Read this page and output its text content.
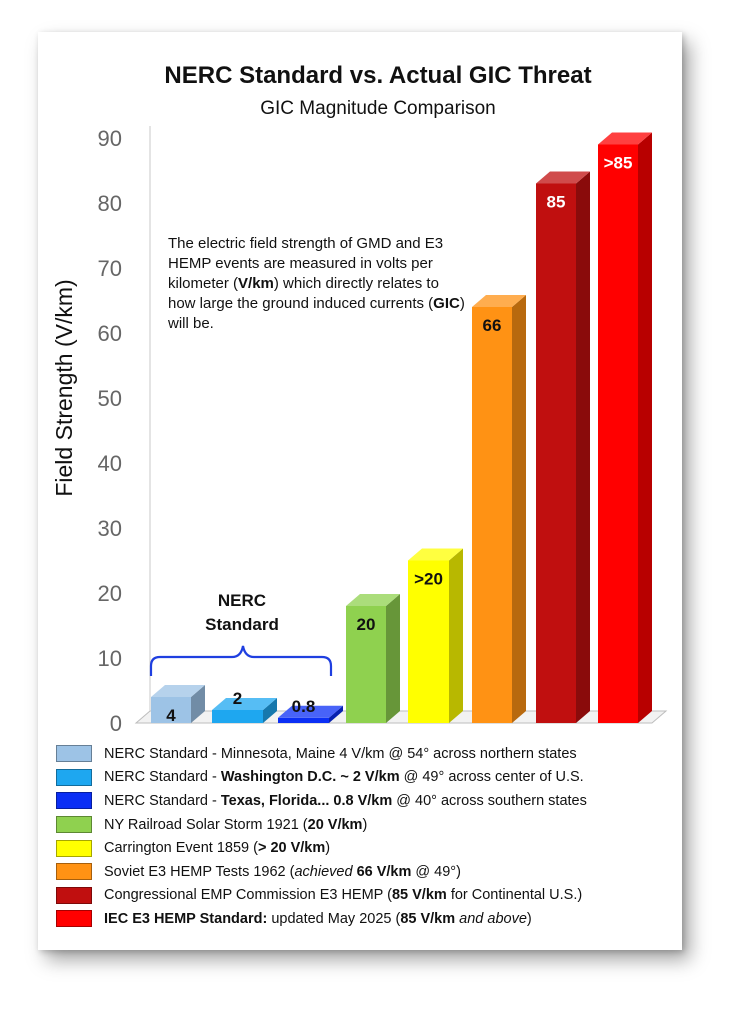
0
10
20
30
40
50
60
70
80
90
Field Strength (V/km)
4
2	0.8
20
>20
66
85
>85
NERC
Standard
NERC Standard vs. Actual GIC Threat
GIC Magnitude Comparison
The electric field strength of GMD and E3 HEMP events are measured in volts per kilometer (V/km) which directly relates to how large the ground induced currents (GIC) will be.
NERC Standard - Minnesota, Maine 4 V/km @ 54° across northern states
NERC Standard - Washington D.C. ~ 2 V/km @ 49° across center of U.S.
NERC Standard - Texas, Florida... 0.8 V/km @ 40° across southern states
NY Railroad Solar Storm 1921 (20 V/km)
Carrington Event 1859 (> 20 V/km)
Soviet E3 HEMP Tests 1962 (achieved 66 V/km @ 49°)
Congressional EMP Commission E3 HEMP (85 V/km for Continental U.S.)
IEC E3 HEMP Standard: updated May 2025 (85 V/km and above)
